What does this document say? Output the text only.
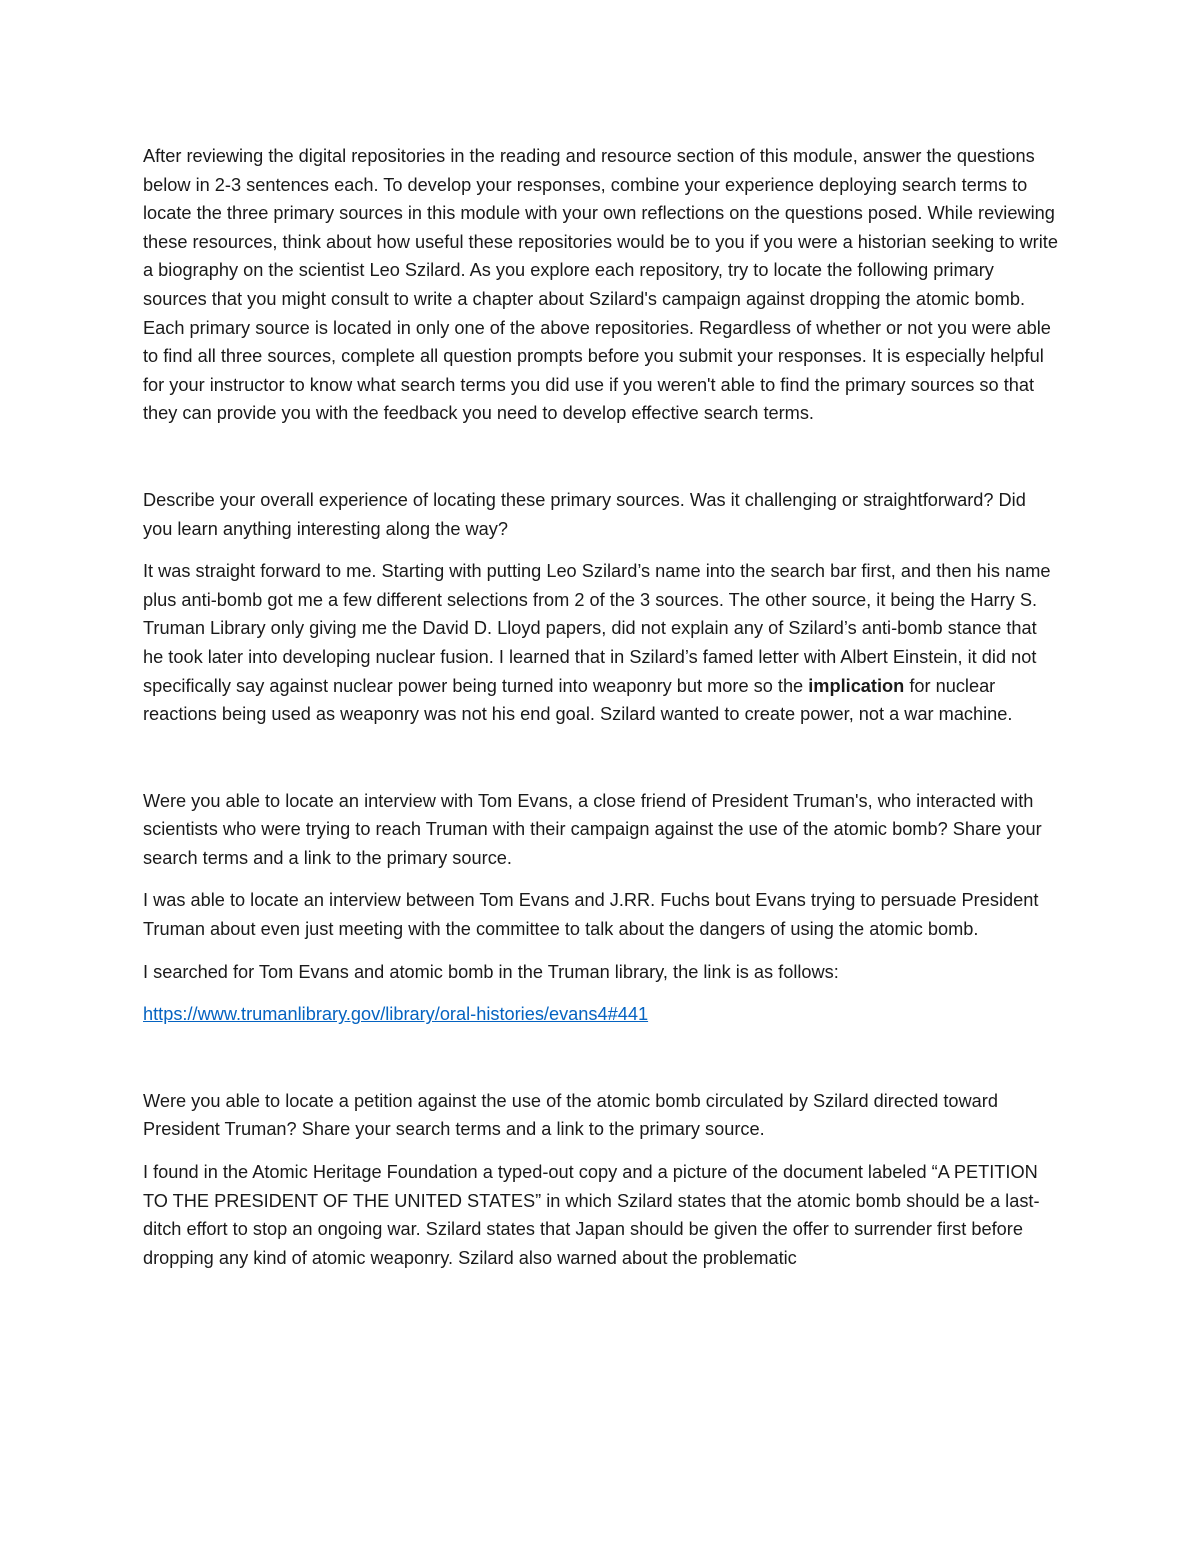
After reviewing the digital repositories in the reading and resource section of this module, answer the questions below in 2-3 sentences each. To develop your responses, combine your experience deploying search terms to locate the three primary sources in this module with your own reflections on the questions posed. While reviewing these resources, think about how useful these repositories would be to you if you were a historian seeking to write a biography on the scientist Leo Szilard. As you explore each repository, try to locate the following primary sources that you might consult to write a chapter about Szilard's campaign against dropping the atomic bomb. Each primary source is located in only one of the above repositories. Regardless of whether or not you were able to find all three sources, complete all question prompts before you submit your responses. It is especially helpful for your instructor to know what search terms you did use if you weren't able to find the primary sources so that they can provide you with the feedback you need to develop effective search terms.

Describe your overall experience of locating these primary sources. Was it challenging or straightforward? Did you learn anything interesting along the way?

It was straight forward to me. Starting with putting Leo Szilard’s name into the search bar first, and then his name plus anti-bomb got me a few different selections from 2 of the 3 sources. The other source, it being the Harry S. Truman Library only giving me the David D. Lloyd papers, did not explain any of Szilard’s anti-bomb stance that he took later into developing nuclear fusion. I learned that in Szilard’s famed letter with Albert Einstein, it did not specifically say against nuclear power being turned into weaponry but more so the implication for nuclear reactions being used as weaponry was not his end goal. Szilard wanted to create power, not a war machine.

Were you able to locate an interview with Tom Evans, a close friend of President Truman's, who interacted with scientists who were trying to reach Truman with their campaign against the use of the atomic bomb? Share your search terms and a link to the primary source.

I was able to locate an interview between Tom Evans and J.RR. Fuchs bout Evans trying to persuade President Truman about even just meeting with the committee to talk about the dangers of using the atomic bomb.

I searched for Tom Evans and atomic bomb in the Truman library, the link is as follows:

https://www.trumanlibrary.gov/library/oral-histories/evans4#441

Were you able to locate a petition against the use of the atomic bomb circulated by Szilard directed toward President Truman? Share your search terms and a link to the primary source.

I found in the Atomic Heritage Foundation a typed-out copy and a picture of the document labeled “A PETITION TO THE PRESIDENT OF THE UNITED STATES” in which Szilard states that the atomic bomb should be a last-ditch effort to stop an ongoing war. Szilard states that Japan should be given the offer to surrender first before dropping any kind of atomic weaponry. Szilard also warned about the problematic
